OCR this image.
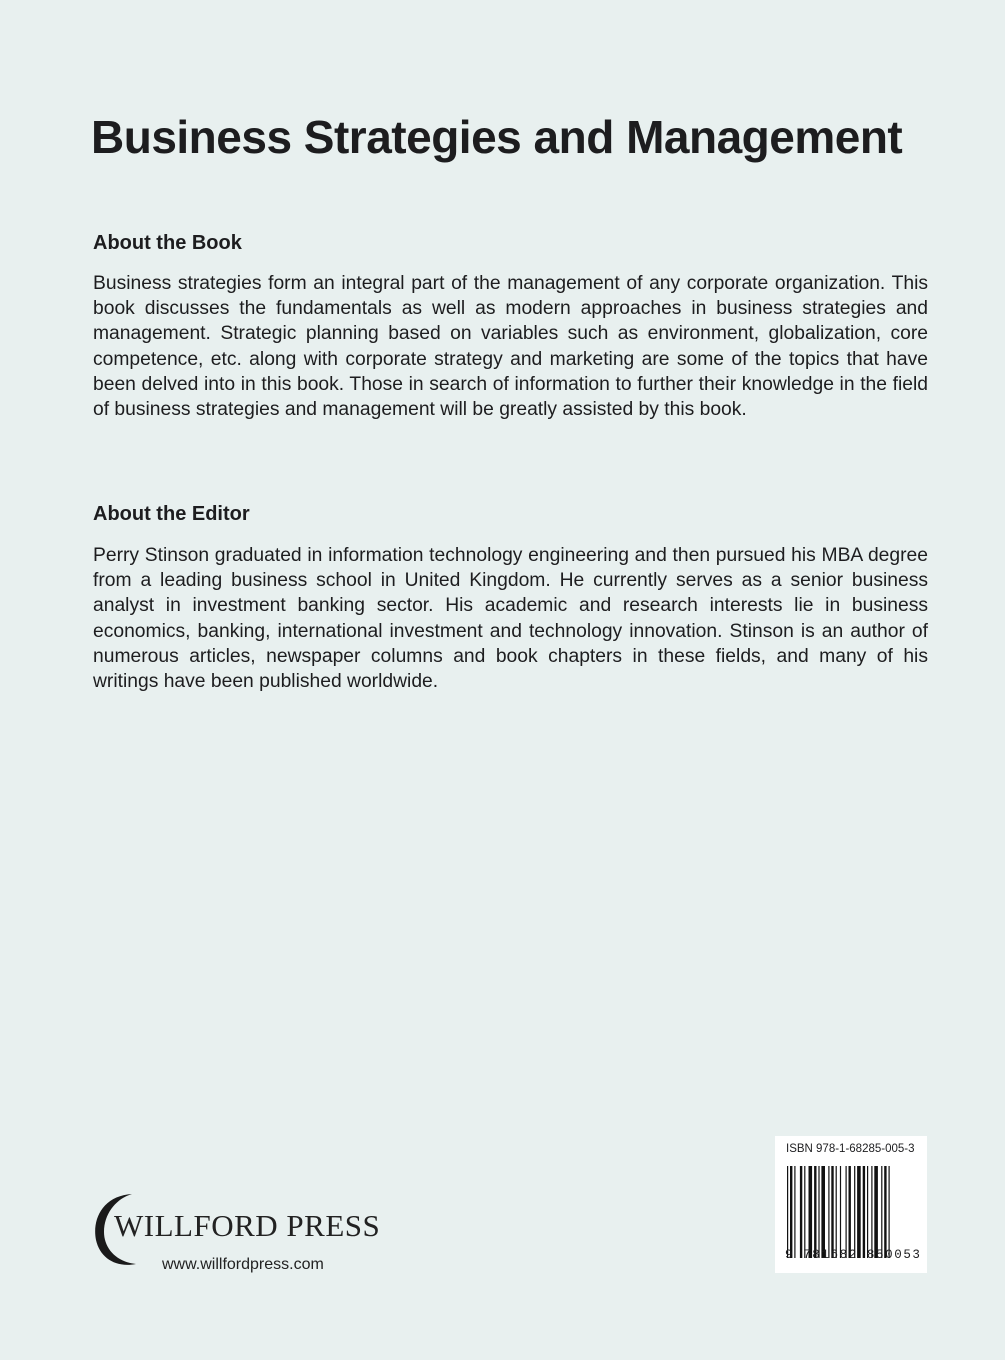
Business Strategies and Management
About the Book
Business strategies form an integral part of the management of any corporate organization. This book discusses the fundamentals as well as modern approaches in business strategies and management. Strategic planning based on variables such as environment, globalization, core competence, etc. along with corporate strategy and marketing are some of the topics that have been delved into in this book. Those in search of information to further their knowledge in the field of business strategies and management will be greatly assisted by this book.
About the Editor
Perry Stinson graduated in information technology engineering and then pursued his MBA degree from a leading business school in United Kingdom. He currently serves as a senior business analyst in investment banking sector. His academic and research interests lie in business economics, banking, international investment and technology innovation. Stinson is an author of numerous articles, newspaper columns and book chapters in these fields, and many of his writings have been published worldwide.
WILLFORD PRESS
www.willfordpress.com
ISBN 978-1-68285-005-3
9 781682 850053
